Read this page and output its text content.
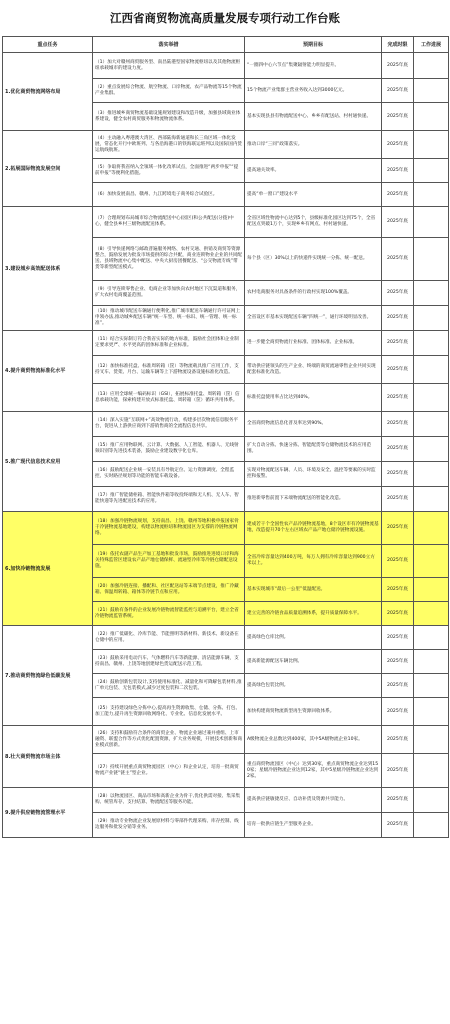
江西省商贸物流高质量发展专项行动工作台账
重点任务	落实举措	预期目标	完成时限	工作进展
1.优化商贸物流网络布局	（1）加大对赣州商贸服务型、南昌陆港型国家物流枢纽以及其他物流枢纽承载城市的建设力度。	“一圈四中心六节点”集聚辐射能力明显提升。	2025年底	
	（2）重点发展综合物流、航空物流、口岸物流、农产品物流等15个物流产业集群。	15个物流产业集群主营业务收入达到3000亿元。	2025年底	
	（3）推进城乡商贸物流基础设施规划建设和改造升级，加强县域商业体系建设，健全农村商贸服务和物流物流体系。	基本实现县县有物流配送中心、乡乡有配送站、村村通快递。	2025年底	
2.拓展国际物流发展空间	（4）主动融入粤港澳大湾区、西部陆海新通道和长三角区域一体化发展，常态化开行中欧班列、与各沿海港口的铁海联运班列以及国际国内货运航线航班。	推动口岸“三同”政策落实。	2025年底	
	（5）争取将我省纳入全领域一体化改革试点，全面推进“两步申报”“提前申报”等便利化措施。	提高通关效率。	2025年底	
	（6）加快发展南昌、赣州、九江跨境电子商务综合试验区。	提高“单一窗口”建设水平	2025年底	
3.建设城乡高效配送体系	（7）合理规划布局城市综合物流配送中心(园区)和公共配送(分拨)中心，健全县乡村三级物流配送体系。	全省区域性物流中心达到5个，县级标准化园区达到75个，全省配送点突破1万个，实现乡乡有网点、村村通快递。	2025年底	
	（8）引导快递网络与邮政普遍服务网络、农村交通、供销及商贸等资源整合，鼓励发展为批发市场提供的综合共配，商业连锁物业企业的共同配送、县域物流中心集中配送、中央大厨房团餐配送、“公交物流专线”带货等新型配送模式。	每个县（区）30%以上的快递件实现统一分拣、统一配送。	2025年底	
	（9）引导连锁零售企业、电商企业等加快向农村地区下沉渠道和服务，扩大农村电商覆盖范围。	农村电商服务对具备条件的行政村实现100%覆盖。	2025年底	
	（10）推动城市配送车辆通行便利化,推广城市配送车辆通行许可证网上申领办法,推动城乡配送车辆“统一车型、统一标识、统一管理、统一标准”。	全省设区市基本实现配送车辆“四统一”，通行环境明显改善。	2025年底	
4.提升商贸物流标准化水平	（11）结合实际制订符合我省实际的地方标准，鼓励社会团体和企业制定要求更严、水平更高的团体标准和企业标准。	进一步健全商贸物流行业标准、团体标准、企业标准。	2025年底	
	（12）加快标准托盘、标准周转箱（筐）等物流载具推广应用工作，支持叉车、货架、月台、运输车辆等上下游物流设备设施标准化改造。	带动供应链领头的生产企业、终端的商贸流通零售企业共同实现配套标准化改造。	2025年底	
	（13）应用全球统一编码标识（GSI），拓展标准托盘、周转箱（筐）信息承载功能，探索构建开放式标准托盘、周转箱（筐）循环共用体系。	标准托盘使用率占比达到40%。	2025年底	
5.推广现代信息技术应用	（14）深入实施“互联网+”高效物流行动，构建多层次物流信息服务平台，促进从上游供应商到下游销售商的全流程信息共享。	全省商贸物流信息化普及率达到90%。	2025年底	
	（15）推广应用物联网、云计算、大数据、人工智能、机器人、无线射频识别等先进技术装备，鼓励企业建设数字化仓库。	扩大自动分拣、快速分拣、智能配货等仓储物流技术的应用范围。	2025年底	
	（16）鼓励配送企业统一安装具有导航定位、运力资源调度、全程监控、实时路径规划等功能的智能车载设备。	实现对物流配送车辆、人员、环境及安全、温控等要素的实时监控和报警。	2025年底	
	（17）推广智能储柜箱、智能快件箱等收投终端和无人机、无人车、智能快递等先进配送技术的应用。	推进新零售前置下末端物流配送的智能化改造。	2025年底	
6.加快冷链物流发展	（18）加强冷链物流规划，支持南昌、上饶、赣州等地积极申报国家骨干冷链物流基地建设，构建以物流枢纽和物流园区为支撑的冷链物流网络。	建成若干个全国性农产品冷链物流基地，8个设区市有冷链物流基地，改造提升70个左右区域农产品产地仓储冷链物流设施。	2025年底	
	（19）依托农副产品生产加工基地和批发市场，鼓励推进进境口岸和海关特殊监管区建设农产品产地仓储保鲜、流通型冷库等冷链仓储配送设施。	全省冷库容量达到400万吨，每万人拥有冷库容量达到900立方米以上。	2025年底	
	（20）加强冷链连接、播配和、社区配送站等末端节点建设，推广冷藏箱、保温周转箱、箱体等冷链节点和应用。	基本实现城市“最后一公里”低温配送。	2025年底	
	（21）鼓励有条件的企业发展冷链物流智能监控与追溯平台，建立全省冷链物流监管系统。	建立完善的冷链食品质量追溯体系，提升质量保障水平。	2025年底	
7.推动商贸物流绿色低碳发展	（22）推广低碳化、冷库节能、节能照明等新材料、新技术、新设备在仓储中的应用。	提高绿色仓库比例。	2025年底	
	（23）鼓励采用电动汽车、气体燃料汽车等新能源、清洁能源车辆，支持南昌、赣州、上饶等地创建绿色货运配送示范工程。	提高新能源配送车辆比例。	2025年底	
	（24）鼓励创新包装设计,支持使用标准化、减量化和可降解包装材料,推广单元包装、无包装模式,减少过度包装和二次包装。	提高绿色包装比例。	2025年底	
	（25）支持建设绿色分拣中心,提高再生资源收集、仓储、分拣、打包、加工能力,提升再生资源回收网络化、专业化、信息化发展水平。	加快构建商贸物流新型再生资源回收体系。	2025年底	
8.壮大商贸物流市场主体	（26）支持和鼓励符合条件的商贸企业、物流企业通过兼并重组、上市融资、联盟合作等方式优化配置资源，扩大业务规模，开展技术创新和商业模式创新。	A级物流企业总数达到400家，其中5A级物流企业10家。	2025年底	
	（27）持续开展重点商贸物流园区（中心）和企业认定，培育一批商贸物流产业链“链主”型企业。	重点商贸物流园区（中心）达到30家，重点商贸物流企业达到150家；星级冷链物流企业达到12家，其中5星级冷链物流企业达到2家。	2025年底	
9.提升供应链物流管理水平	（28）以物流园区、商品市场和高新企业为骨干,优化供需对接、集采集购、统管库存、支付结算、物流配送等服务功能。	提高供应链敏捷反应、自动补货及资源共享能力。	2025年底	
	（29）推动专业物流企业发展原材料与零部件代理采购、库存控制、线边服务和批发分销等业务。	培育一批供应链生产型服务企业。	2025年底	
